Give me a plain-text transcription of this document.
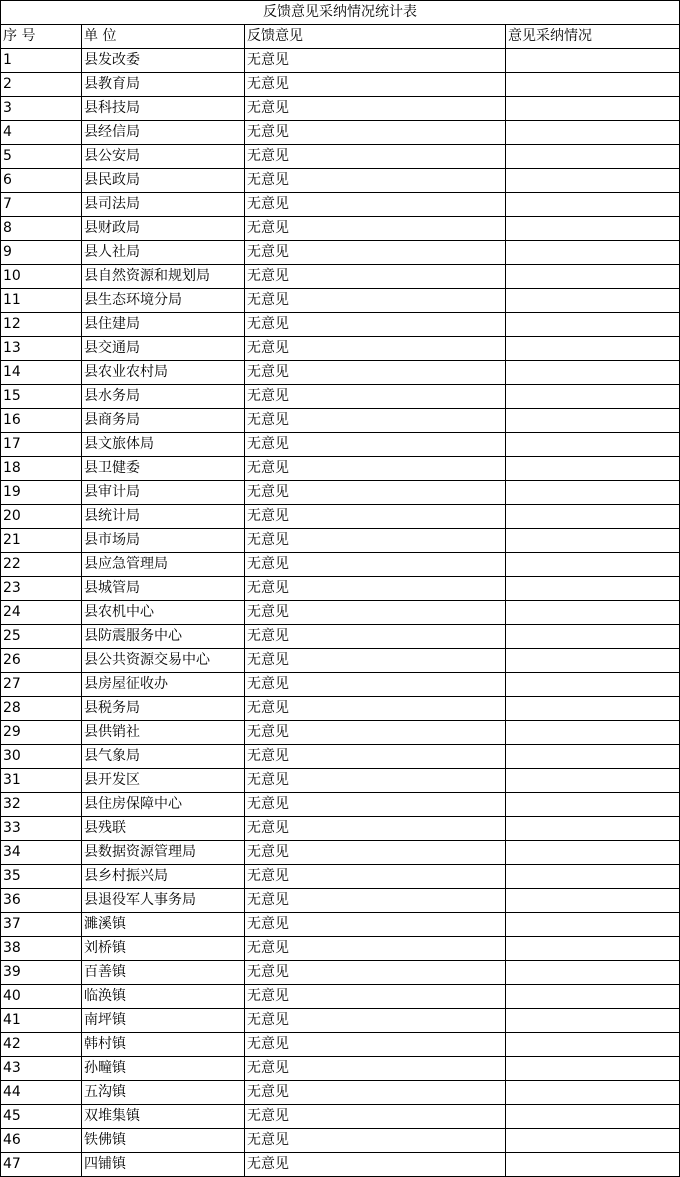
反馈意见采纳情况统计表			
序 号	单 位	反馈意见	意见采纳情况
1	县发改委	无意见	
2	县教育局	无意见	
3	县科技局	无意见	
4	县经信局	无意见	
5	县公安局	无意见	
6	县民政局	无意见	
7	县司法局	无意见	
8	县财政局	无意见	
9	县人社局	无意见	
10	县自然资源和规划局	无意见	
11	县生态环境分局	无意见	
12	县住建局	无意见	
13	县交通局	无意见	
14	县农业农村局	无意见	
15	县水务局	无意见	
16	县商务局	无意见	
17	县文旅体局	无意见	
18	县卫健委	无意见	
19	县审计局	无意见	
20	县统计局	无意见	
21	县市场局	无意见	
22	县应急管理局	无意见	
23	县城管局	无意见	
24	县农机中心	无意见	
25	县防震服务中心	无意见	
26	县公共资源交易中心	无意见	
27	县房屋征收办	无意见	
28	县税务局	无意见	
29	县供销社	无意见	
30	县气象局	无意见	
31	县开发区	无意见	
32	县住房保障中心	无意见	
33	县残联	无意见	
34	县数据资源管理局	无意见	
35	县乡村振兴局	无意见	
36	县退役军人事务局	无意见	
37	濉溪镇	无意见	
38	刘桥镇	无意见	
39	百善镇	无意见	
40	临涣镇	无意见	
41	南坪镇	无意见	
42	韩村镇	无意见	
43	孙疃镇	无意见	
44	五沟镇	无意见	
45	双堆集镇	无意见	
46	铁佛镇	无意见	
47	四铺镇	无意见	
